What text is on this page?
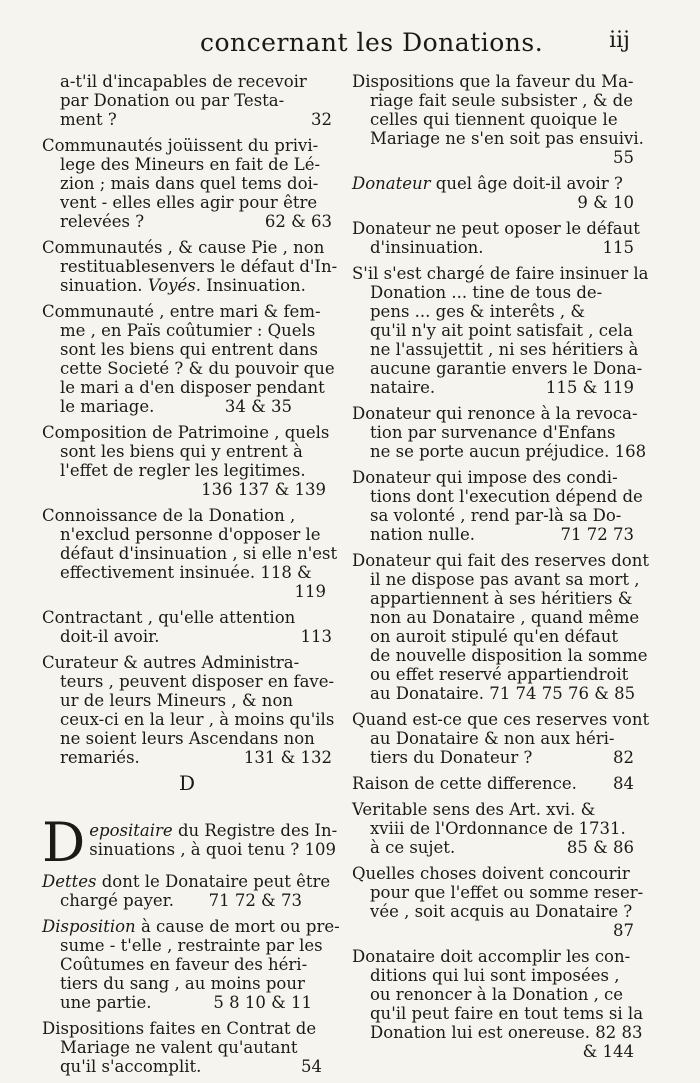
concernant les Donations.	iij
a-t'il d'incapables de recevoir
par Donation ou par Testa-
ment ?	32
Communautés joüissent du privi-
lege des Mineurs en fait de Lé-
zion ; mais dans quel tems doi-
vent - elles elles agir pour être
relevées ?	62 & 63
Communautés , & cause Pie , non
restituablesenvers le défaut d'In-
sinuation. Voyés. Insinuation.
Communauté , entre mari & fem-
me , en Païs coûtumier : Quels
sont les biens qui entrent dans
cette Societé ? & du pouvoir que
le mari a d'en disposer pendant
le mariage.	34 & 35
Composition de Patrimoine , quels
sont les biens qui y entrent à
l'effet de regler les legitimes.
136 137 & 139
Connoissance de la Donation ,
n'exclud personne d'opposer le
défaut d'insinuation , si elle n'est
effectivement insinuée. 118 &
119
Contractant , qu'elle attention
doit-il avoir.	113
Curateur & autres Administra-
teurs , peuvent disposer en fave-
ur de leurs Mineurs , & non
ceux-ci en la leur , à moins qu'ils
ne soient leurs Ascendans non
remariés.	131 & 132
D
D epositaire du Registre des In-
sinuations , à quoi tenu ? 109
Dettes dont le Donataire peut être
chargé payer. 71 72 & 73
Disposition à cause de mort ou pre-
sume - t'elle , restrainte par les
Coûtumes en faveur des héri-
tiers du sang , au moins pour
une partie.	5 8 10 & 11
Dispositions faites en Contrat de
Mariage ne valent qu'autant
qu'il s'accomplit.	54
Dispositions que la faveur du Ma-
riage fait seule subsister , & de
celles qui tiennent quoique le
Mariage ne s'en soit pas ensuivi.
55
Donateur quel âge doit-il avoir ?
9 & 10
Donateur ne peut oposer le défaut
d'insinuation.	115
S'il s'est chargé de faire insinuer la
Donation ... tine de tous de-
pens ... ges & interêts , &
qu'il n'y ait point satisfait , cela
ne l'assujettit , ni ses héritiers à
aucune garantie envers le Dona-
nataire.	115 & 119
Donateur qui renonce à la revoca-
tion par survenance d'Enfans
ne se porte aucun préjudice. 168
Donateur qui impose des condi-
tions dont l'execution dépend de
sa volonté , rend par-là sa Do-
nation nulle.	71 72 73
Donateur qui fait des reserves dont
il ne dispose pas avant sa mort ,
appartiennent à ses héritiers &
non au Donataire , quand même
on auroit stipulé qu'en défaut
de nouvelle disposition la somme
ou effet reservé appartiendroit
au Donataire. 71 74 75 76 & 85
Quand est-ce que ces reserves vont
au Donataire & non aux héri-
tiers du Donateur ?	82
Raison de cette difference. 84
Veritable sens des Art. xvi. &
xviii de l'Ordonnance de 1731.
à ce sujet.	85 & 86
Quelles choses doivent concourir
pour que l'effet ou somme reser-
vée , soit acquis au Donataire ?
87
Donataire doit accomplir les con-
ditions qui lui sont imposées ,
ou renoncer à la Donation , ce
qu'il peut faire en tout tems si la
Donation lui est onereuse. 82 83
& 144
